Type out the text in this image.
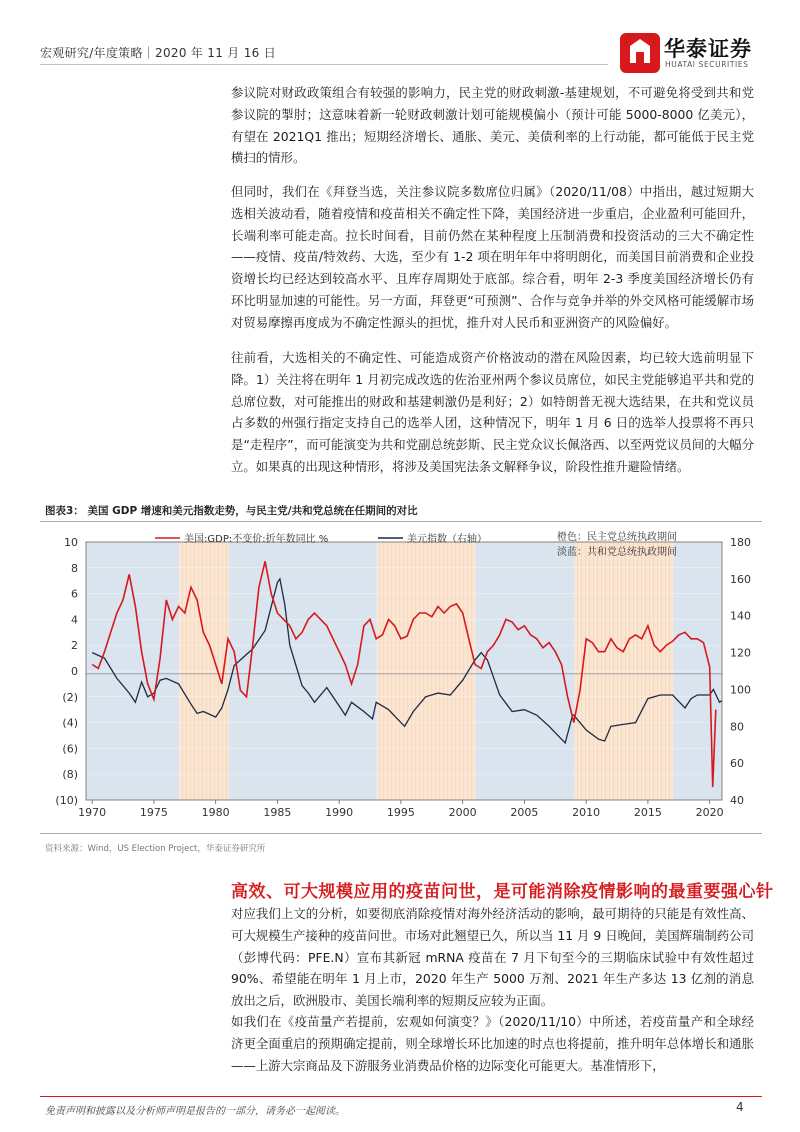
宏观研究/年度策略｜2020 年 11 月 16 日	华泰证券
HUATAI SECURITIES

参议院对财政政策组合有较强的影响力，民主党的财政刺激-基建规划，不可避免将受到共和党参议院的掣肘；这意味着新一轮财政刺激计划可能规模偏小（预计可能 5000-8000 亿美元），有望在 2021Q1 推出；短期经济增长、通胀、美元、美债利率的上行动能，都可能低于民主党横扫的情形。

但同时，我们在《拜登当选，关注参议院多数席位归属》（2020/11/08）中指出，越过短期大选相关波动看，随着疫情和疫苗相关不确定性下降，美国经济进一步重启，企业盈利可能回升，长端利率可能走高。拉长时间看，目前仍然在某种程度上压制消费和投资活动的三大不确定性——疫情、疫苗/特效药、大选，至少有 1-2 项在明年年中将明朗化，而美国目前消费和企业投资增长均已经达到较高水平、且库存周期处于底部。综合看，明年 2-3 季度美国经济增长仍有环比明显加速的可能性。另一方面，拜登更“可预测”、合作与竞争并举的外交风格可能缓解市场对贸易摩擦再度成为不确定性源头的担忧，推升对人民币和亚洲资产的风险偏好。

往前看，大选相关的不确定性、可能造成资产价格波动的潜在风险因素，均已较大选前明显下降。1）关注将在明年 1 月初完成改选的佐治亚州两个参议员席位，如民主党能够追平共和党的总席位数，对可能推出的财政和基建刺激仍是利好；2）如特朗普无视大选结果，在共和党议员占多数的州强行指定支持自己的选举人团，这种情况下，明年 1 月 6 日的选举人投票将不再只是“走程序”，而可能演变为共和党副总统彭斯、民主党众议长佩洛西、以至两党议员间的大幅分立。如果真的出现这种情形，将涉及美国宪法条文解释争议，阶段性推升避险情绪。

图表3： 美国 GDP 增速和美元指数走势，与民主党/共和党总统在任期间的对比
10
8
6
4
2
0
(2)
(4)
(6)
(8)
(10)
180
160
140
120
100
80
60
40
1970	1975	1980	1985	1990	1995	2000	2005	2010	2015	2020
美国:GDP:不变价:折年数同比 %	美元指数（右轴）	橙色：民主党总统执政期间
淡蓝：共和党总统执政期间
资料来源：Wind，US Election Project，华泰证券研究所
高效、可大规模应用的疫苗问世，是可能消除疫情影响的最重要强心针

对应我们上文的分析，如要彻底消除疫情对海外经济活动的影响，最可期待的只能是有效性高、可大规模生产接种的疫苗问世。市场对此翘望已久，所以当 11 月 9 日晚间，美国辉瑞制药公司（彭博代码：PFE.N）宣布其新冠 mRNA 疫苗在 7 月下旬至今的三期临床试验中有效性超过 90%、希望能在明年 1 月上市，2020 年生产 5000 万剂、2021 年生产多达 13 亿剂的消息放出之后，欧洲股市、美国长端利率的短期反应较为正面。

如我们在《疫苗量产若提前，宏观如何演变？》（2020/11/10）中所述，若疫苗量产和全球经济更全面重启的预期确定提前，则全球增长环比加速的时点也将提前，推升明年总体增长和通胀——上游大宗商品及下游服务业消费品价格的边际变化可能更大。基准情形下，

免责声明和披露以及分析师声明是报告的一部分，请务必一起阅读。	4
